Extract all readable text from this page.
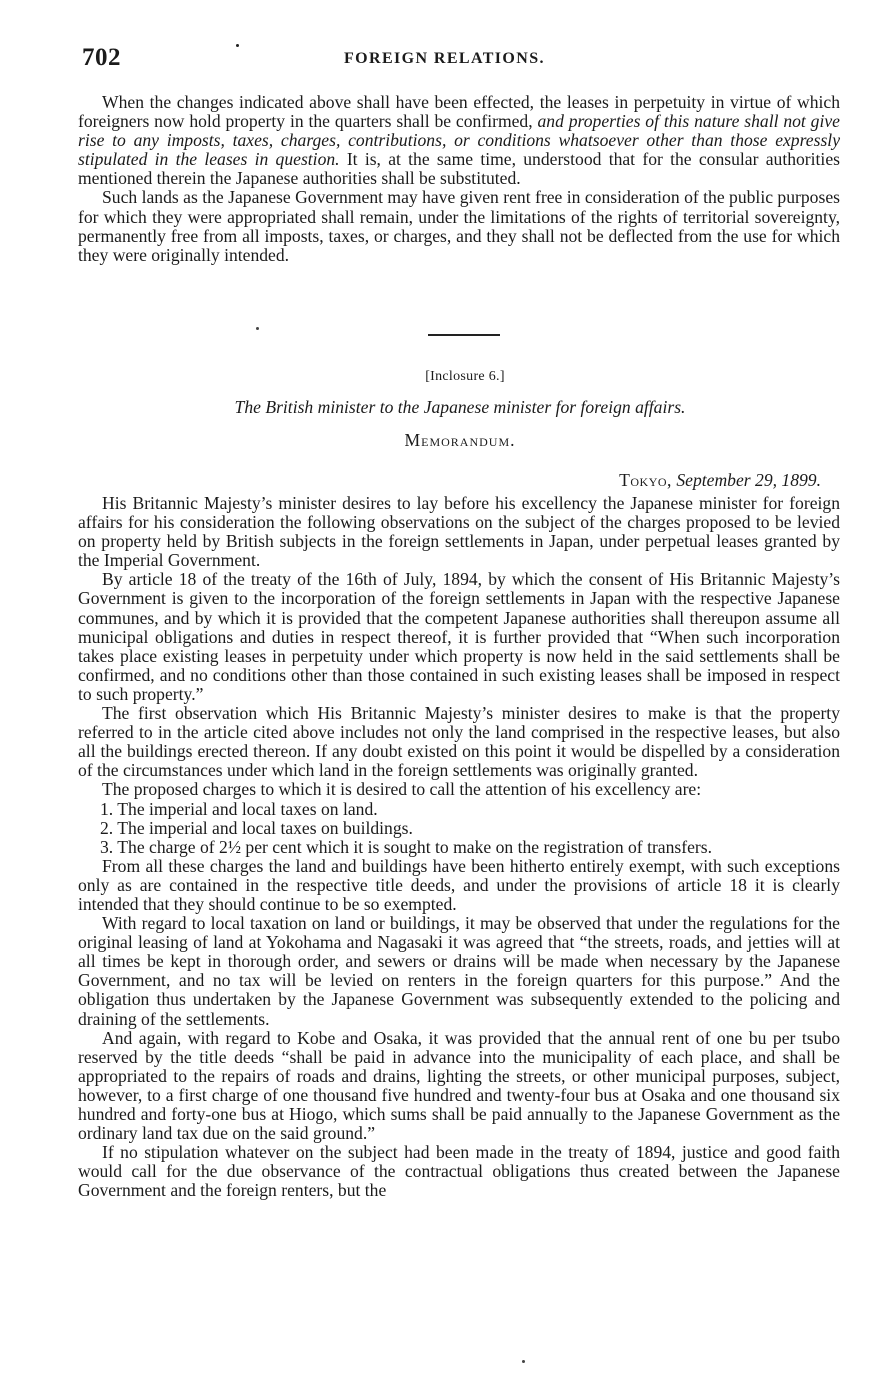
702	FOREIGN RELATIONS.

When the changes indicated above shall have been effected, the leases in perpetuity in virtue of which foreigners now hold property in the quarters shall be confirmed, and properties of this nature shall not give rise to any imposts, taxes, charges, contributions, or conditions whatsoever other than those expressly stipulated in the leases in question. It is, at the same time, understood that for the consular authorities mentioned therein the Japanese authorities shall be substituted.

Such lands as the Japanese Government may have given rent free in consideration of the public purposes for which they were appropriated shall remain, under the limitations of the rights of territorial sovereignty, permanently free from all imposts, taxes, or charges, and they shall not be deflected from the use for which they were originally intended.

[Inclosure 6.]
The British minister to the Japanese minister for foreign affairs.
Memorandum.
Tokyo, September 29, 1899.

His Britannic Majesty’s minister desires to lay before his excellency the Japanese minister for foreign affairs for his consideration the following observations on the subject of the charges proposed to be levied on property held by British subjects in the foreign settlements in Japan, under perpetual leases granted by the Imperial Government.

By article 18 of the treaty of the 16th of July, 1894, by which the consent of His Britannic Majesty’s Government is given to the incorporation of the foreign settlements in Japan with the respective Japanese communes, and by which it is provided that the competent Japanese authorities shall thereupon assume all municipal obligations and duties in respect thereof, it is further provided that “When such incorporation takes place existing leases in perpetuity under which property is now held in the said settlements shall be confirmed, and no conditions other than those contained in such existing leases shall be imposed in respect to such property.”

The first observation which His Britannic Majesty’s minister desires to make is that the property referred to in the article cited above includes not only the land comprised in the respective leases, but also all the buildings erected thereon. If any doubt existed on this point it would be dispelled by a consideration of the circumstances under which land in the foreign settlements was originally granted.

The proposed charges to which it is desired to call the attention of his excellency are:

1. The imperial and local taxes on land.

2. The imperial and local taxes on buildings.

3. The charge of 2½ per cent which it is sought to make on the registration of transfers.

From all these charges the land and buildings have been hitherto entirely exempt, with such exceptions only as are contained in the respective title deeds, and under the provisions of article 18 it is clearly intended that they should continue to be so exempted.

With regard to local taxation on land or buildings, it may be observed that under the regulations for the original leasing of land at Yokohama and Nagasaki it was agreed that “the streets, roads, and jetties will at all times be kept in thorough order, and sewers or drains will be made when necessary by the Japanese Government, and no tax will be levied on renters in the foreign quarters for this purpose.” And the obligation thus undertaken by the Japanese Government was subsequently extended to the policing and draining of the settlements.

And again, with regard to Kobe and Osaka, it was provided that the annual rent of one bu per tsubo reserved by the title deeds “shall be paid in advance into the municipality of each place, and shall be appropriated to the repairs of roads and drains, lighting the streets, or other municipal purposes, subject, however, to a first charge of one thousand five hundred and twenty-four bus at Osaka and one thousand six hundred and forty-one bus at Hiogo, which sums shall be paid annually to the Japanese Government as the ordinary land tax due on the said ground.”

If no stipulation whatever on the subject had been made in the treaty of 1894, justice and good faith would call for the due observance of the contractual obligations thus created between the Japanese Government and the foreign renters, but the
